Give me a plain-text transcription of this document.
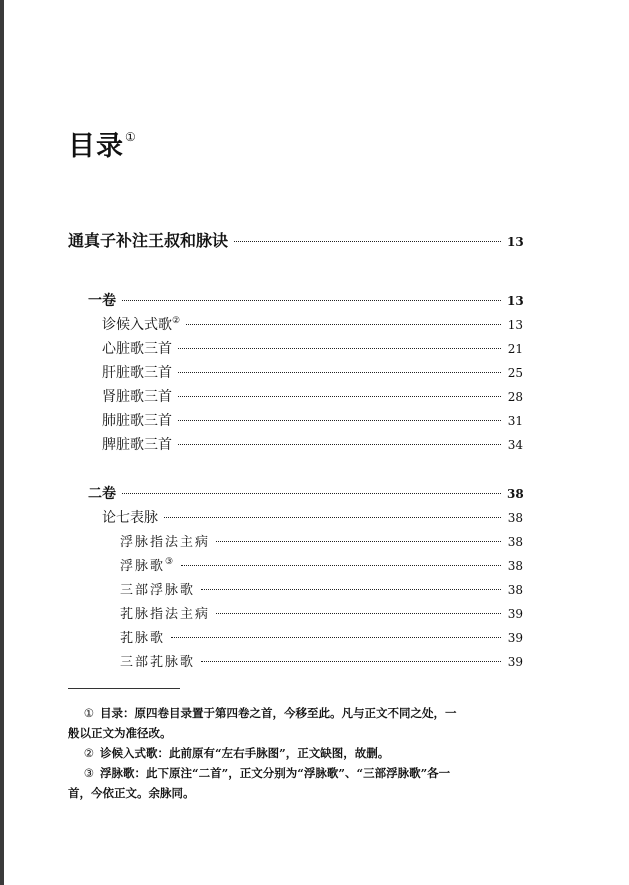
目录①
通真子补注王叔和脉诀	13
一卷	13
诊候入式歌②	13
心脏歌三首	21
肝脏歌三首	25
肾脏歌三首	28
肺脏歌三首	31
脾脏歌三首	34
二卷	38
论七表脉	38
浮脉指法主病	38
浮脉歌③	38
三部浮脉歌	38
芤脉指法主病	39
芤脉歌	39
三部芤脉歌	39
① 目录：原四卷目录置于第四卷之首，今移至此。凡与正文不同之处，一
般以正文为准径改。
② 诊候入式歌：此前原有“左右手脉图”，正文缺图，故删。
③ 浮脉歌：此下原注“二首”，正文分别为“浮脉歌”、“三部浮脉歌”各一
首，今依正文。余脉同。
